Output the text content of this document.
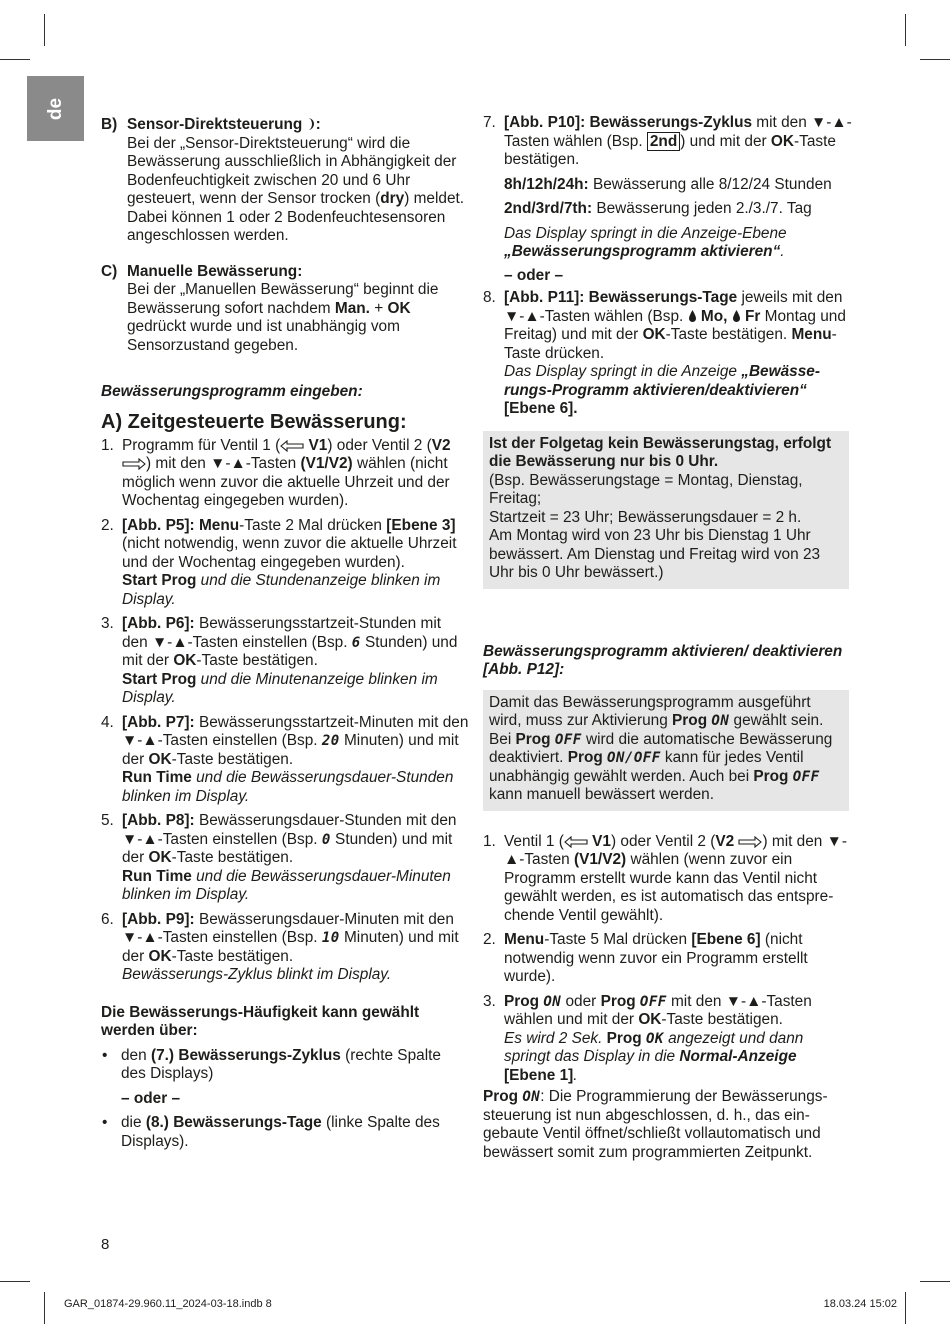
de
B) Sensor-Direktsteuerung :

Bei der „Sensor-Direktsteuerung“ wird die Bewässerung ausschließlich in Abhängigkeit der Bodenfeuchtigkeit zwischen 20 und 6 Uhr gesteuert, wenn der Sensor trocken (dry) meldet. Dabei können 1 oder 2 Bodenfeuchtesensoren angeschlossen werden.

C) Manuelle Bewässerung:

Bei der „Manuellen Bewässerung“ beginnt die Bewässerung sofort nachdem Man. + OK gedrückt wurde und ist unabhängig vom Sensorzustand gegeben.

Bewässerungsprogramm eingeben:

A) Zeitgesteuerte Bewässerung:

1. Programm für Ventil 1 ( V1) oder Ventil 2 (V2 ) mit den ▼-▲-Tasten (V1/V2) wählen (nicht möglich wenn zuvor die aktuelle Uhrzeit und der Wochentag eingegeben wurden).
2. [Abb. P5]: Menu-Taste 2 Mal drücken [Ebene 3] (nicht notwendig, wenn zuvor die aktuelle Uhrzeit und der Wochentag eingegeben wurden).
Start Prog und die Stundenanzeige blinken im Display.
3. [Abb. P6]: Bewässerungsstartzeit-Stunden mit den ▼-▲-Tasten einstellen (Bsp. 6 Stunden) und mit der OK-Taste bestätigen.
Start Prog und die Minutenanzeige blinken im Display.
4. [Abb. P7]: Bewässerungsstartzeit-Minuten mit den ▼-▲-Tasten einstellen (Bsp. 20 Minuten) und mit der OK-Taste bestätigen.
Run Time und die Bewässerungsdauer-Stunden blinken im Display.
5. [Abb. P8]: Bewässerungsdauer-Stunden mit den ▼-▲-Tasten einstellen (Bsp. 0 Stunden) und mit der OK-Taste bestätigen.
Run Time und die Bewässerungsdauer-Minuten blinken im Display.
6. [Abb. P9]: Bewässerungsdauer-Minuten mit den ▼-▲-Tasten einstellen (Bsp. 10 Minuten) und mit der OK-Taste bestätigen.
Bewässerungs-Zyklus blinkt im Display.

Die Bewässerungs-Häufigkeit kann gewählt werden über:

• den (7.) Bewässerungs-Zyklus (rechte Spalte des Displays)
– oder –
• die (8.) Bewässerungs-Tage (linke Spalte des Displays).
7. [Abb. P10]: Bewässerungs-Zyklus mit den ▼-▲-Tasten wählen (Bsp. 2nd ) und mit der OK-Taste bestätigen.

8h/12h/24h: Bewässerung alle 8/12/24 Stunden

2nd/3rd/7th: Bewässerung jeden 2./3./7. Tag

Das Display springt in die Anzeige-Ebene „Bewässerungsprogramm aktivieren“.

– oder –

8. [Abb. P11]: Bewässerungs-Tage jeweils mit den ▼-▲-Tasten wählen (Bsp.  Mo,  Fr Montag und Freitag) und mit der OK-Taste bestätigen. Menu-Taste drücken.
Das Display springt in die Anzeige „Bewässerungs-Programm aktivieren/deaktivieren“
[Ebene 6].

Ist der Folgetag kein Bewässerungstag, erfolgt die Bewässerung nur bis 0 Uhr.

(Bsp. Bewässerungstage = Montag, Dienstag, Freitag;

Startzeit = 23 Uhr; Bewässerungsdauer = 2 h.

Am Montag wird von 23 Uhr bis Dienstag 1 Uhr bewässert. Am Dienstag und Freitag wird von 23 Uhr bis 0 Uhr bewässert.)

Bewässerungsprogramm aktivieren/ deaktivieren [Abb. P12]:

Damit das Bewässerungsprogramm ausgeführt wird, muss zur Aktivierung Prog ON gewählt sein. Bei Prog OFF wird die automatische Bewässerung deaktiviert. Prog ON/OFF kann für jedes Ventil unabhängig gewählt werden. Auch bei Prog OFF kann manuell bewässert werden.

1. Ventil 1 ( V1) oder Ventil 2 (V2 ) mit den ▼-▲-Tasten (V1/V2) wählen (wenn zuvor ein Programm erstellt wurde kann das Ventil nicht gewählt werden, es ist automatisch das entsprechende Ventil gewählt).
2. Menu-Taste 5 Mal drücken [Ebene 6] (nicht notwendig wenn zuvor ein Programm erstellt wurde).
3. Prog ON oder Prog OFF mit den ▼-▲-Tasten wählen und mit der OK-Taste bestätigen.
Es wird 2 Sek. Prog OK angezeigt und dann springt das Display in die Normal-Anzeige
[Ebene 1].

Prog ON: Die Programmierung der Bewässerungssteuerung ist nun abgeschlossen, d. h., das eingebaute Ventil öffnet/schließt vollautomatisch und bewässert somit zum programmierten Zeitpunkt.

8
GAR_01874-29.960.11_2024-03-18.indb 8	18.03.24 15:02
